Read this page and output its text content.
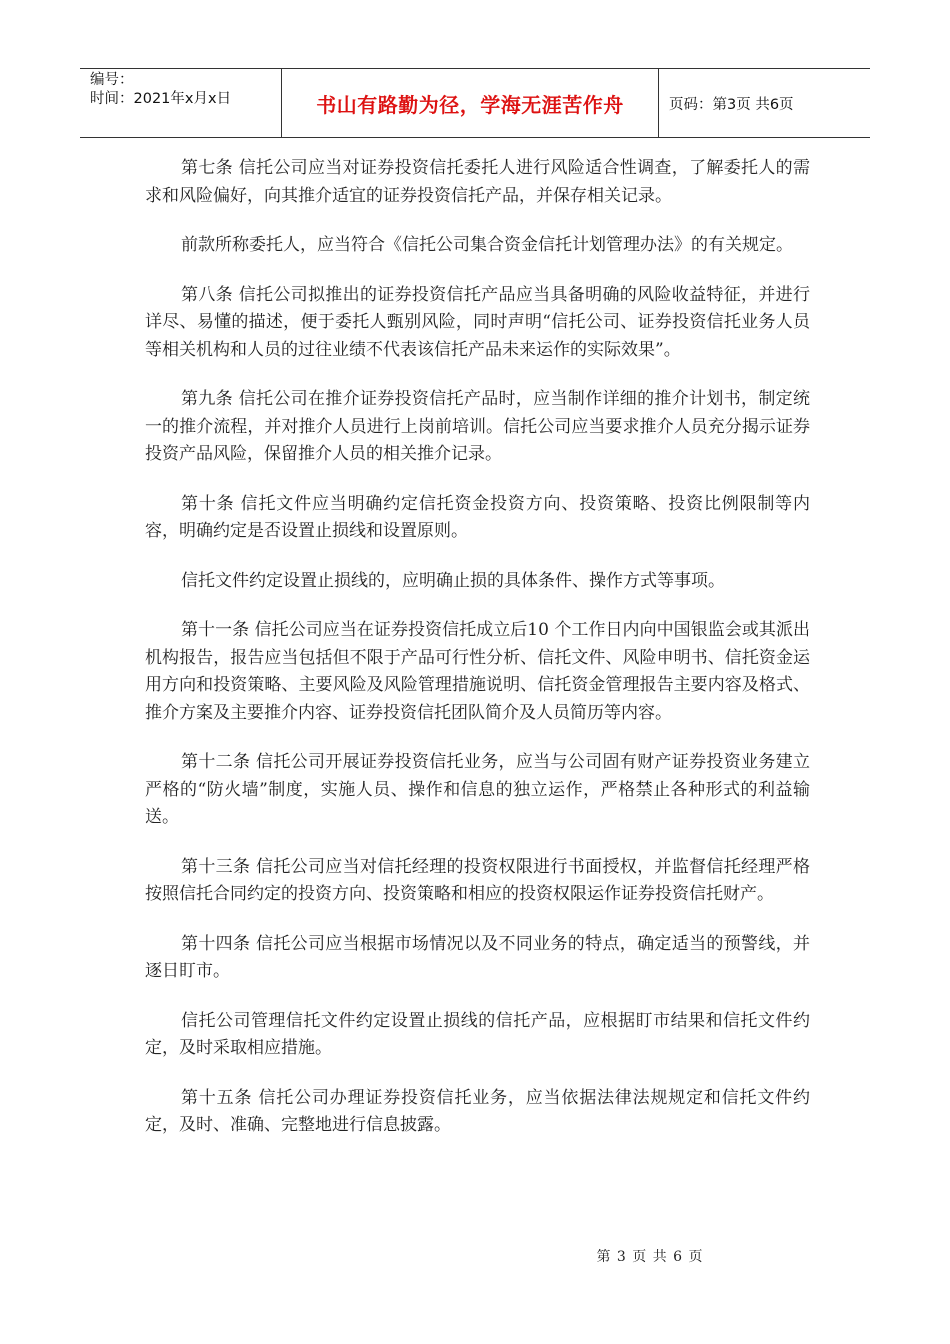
编号：
时间：2021年x月x日	书山有路勤为径，学海无涯苦作舟	页码：第3页 共6页

第七条 信托公司应当对证券投资信托委托人进行风险适合性调查，了解委托人的需求和风险偏好，向其推介适宜的证券投资信托产品，并保存相关记录。

前款所称委托人，应当符合《信托公司集合资金信托计划管理办法》的有关规定。

第八条 信托公司拟推出的证券投资信托产品应当具备明确的风险收益特征，并进行详尽、易懂的描述，便于委托人甄别风险，同时声明“信托公司、证券投资信托业务人员等相关机构和人员的过往业绩不代表该信托产品未来运作的实际效果”。

第九条 信托公司在推介证券投资信托产品时，应当制作详细的推介计划书，制定统一的推介流程，并对推介人员进行上岗前培训。信托公司应当要求推介人员充分揭示证券投资产品风险，保留推介人员的相关推介记录。

第十条 信托文件应当明确约定信托资金投资方向、投资策略、投资比例限制等内容，明确约定是否设置止损线和设置原则。

信托文件约定设置止损线的，应明确止损的具体条件、操作方式等事项。

第十一条 信托公司应当在证券投资信托成立后10 个工作日内向中国银监会或其派出机构报告，报告应当包括但不限于产品可行性分析、信托文件、风险申明书、信托资金运用方向和投资策略、主要风险及风险管理措施说明、信托资金管理报告主要内容及格式、推介方案及主要推介内容、证券投资信托团队简介及人员简历等内容。

第十二条 信托公司开展证券投资信托业务，应当与公司固有财产证券投资业务建立严格的“防火墙”制度，实施人员、操作和信息的独立运作，严格禁止各种形式的利益输送。

第十三条 信托公司应当对信托经理的投资权限进行书面授权，并监督信托经理严格按照信托合同约定的投资方向、投资策略和相应的投资权限运作证券投资信托财产。

第十四条 信托公司应当根据市场情况以及不同业务的特点，确定适当的预警线，并逐日盯市。

信托公司管理信托文件约定设置止损线的信托产品，应根据盯市结果和信托文件约定，及时采取相应措施。

第十五条 信托公司办理证券投资信托业务，应当依据法律法规规定和信托文件约定，及时、准确、完整地进行信息披露。

第 3 页 共 6 页
